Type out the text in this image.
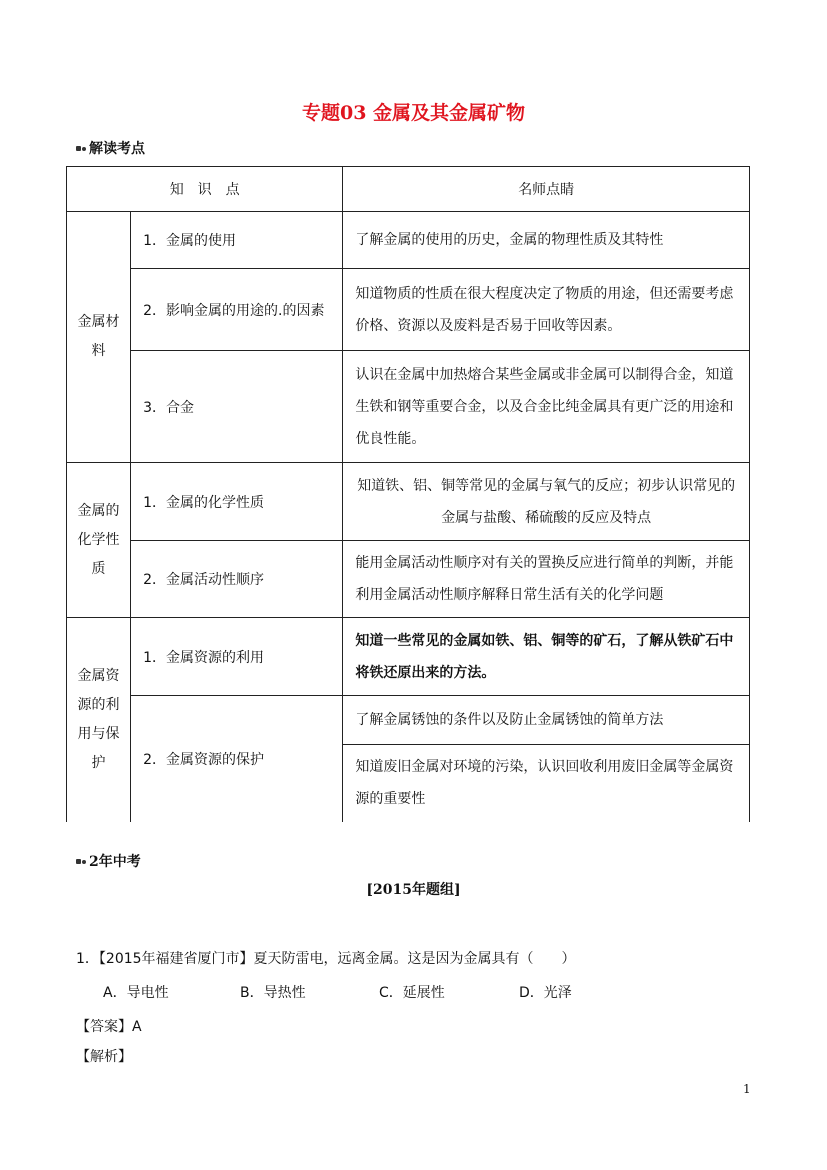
专题03 金属及其金属矿物
解读考点
知　识　点		名师点睛
金属材料	1．金属的使用	了解金属的使用的历史，金属的物理性质及其特性
	2．影响金属的用途的.的因素	知道物质的性质在很大程度决定了物质的用途，但还需要考虑价格、资源以及废料是否易于回收等因素。
	3．合金	认识在金属中加热熔合某些金属或非金属可以制得合金，知道生铁和钢等重要合金，以及合金比纯金属具有更广泛的用途和优良性能。
金属的化学性质	1．金属的化学性质	知道铁、铝、铜等常见的金属与氧气的反应；初步认识常见的金属与盐酸、稀硫酸的反应及特点
	2．金属活动性顺序	能用金属活动性顺序对有关的置换反应进行简单的判断，并能利用金属活动性顺序解释日常生活有关的化学问题
金属资源的利用与保护	1．金属资源的利用	知道一些常见的金属如铁、铝、铜等的矿石，了解从铁矿石中将铁还原出来的方法。
	2．金属资源的保护	了解金属锈蚀的条件以及防止金属锈蚀的简单方法
		知道废旧金属对环境的污染，认识回收利用废旧金属等金属资源的重要性
2年中考
[2015年题组]
1．【2015年福建省厦门市】夏天防雷电，远离金属。这是因为金属具有（　　）
A．导电性	B．导热性	C．延展性	D．光泽
【答案】A
【解析】
1
